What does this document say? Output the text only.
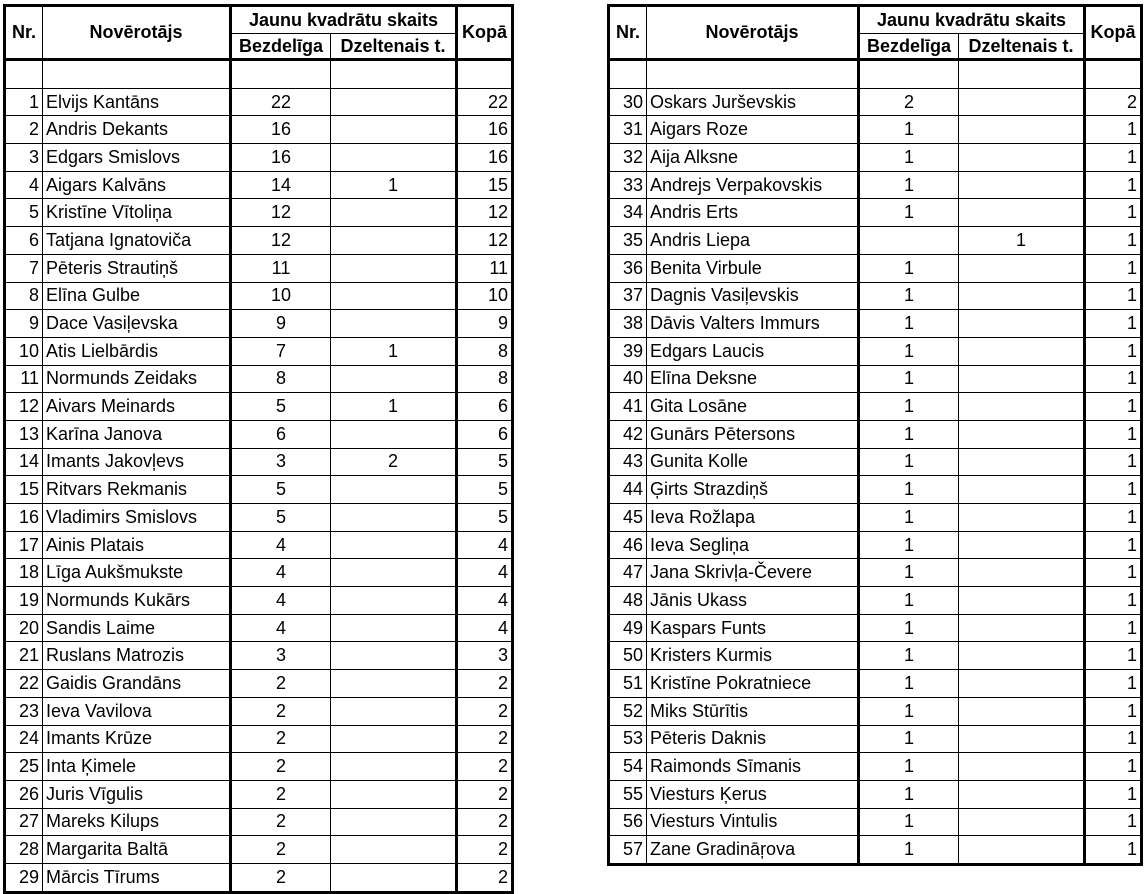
Nr.	Novērotājs	Jaunu kvadrātu skaits		Kopā
		Bezdelīga	Dzeltenais t.	

1	Elvijs Kantāns	22		22
2	Andris Dekants	16		16
3	Edgars Smislovs	16		16
4	Aigars Kalvāns	14	1	15
5	Kristīne Vītoliņa	12		12
6	Tatjana Ignatoviča	12		12
7	Pēteris Strautiņš	11		11
8	Elīna Gulbe	10		10
9	Dace Vasiļevska	9		9
10	Atis Lielbārdis	7	1	8
11	Normunds Zeidaks	8		8
12	Aivars Meinards	5	1	6
13	Karīna Janova	6		6
14	Imants Jakovļevs	3	2	5
15	Ritvars Rekmanis	5		5
16	Vladimirs Smislovs	5		5
17	Ainis Platais	4		4
18	Līga Aukšmukste	4		4
19	Normunds Kukārs	4		4
20	Sandis Laime	4		4
21	Ruslans Matrozis	3		3
22	Gaidis Grandāns	2		2
23	Ieva Vavilova	2		2
24	Imants Krūze	2		2
25	Inta Ķimele	2		2
26	Juris Vīgulis	2		2
27	Mareks Kilups	2		2
28	Margarita Baltā	2		2
29	Mārcis Tīrums	2		2
Nr.	Novērotājs	Jaunu kvadrātu skaits		Kopā
		Bezdelīga	Dzeltenais t.	

30	Oskars Jurševskis	2		2
31	Aigars Roze	1		1
32	Aija Alksne	1		1
33	Andrejs Verpakovskis	1		1
34	Andris Erts	1		1
35	Andris Liepa		1	1
36	Benita Virbule	1		1
37	Dagnis Vasiļevskis	1		1
38	Dāvis Valters Immurs	1		1
39	Edgars Laucis	1		1
40	Elīna Deksne	1		1
41	Gita Losāne	1		1
42	Gunārs Pētersons	1		1
43	Gunita Kolle	1		1
44	Ģirts Strazdiņš	1		1
45	Ieva Rožlapa	1		1
46	Ieva Segliņa	1		1
47	Jana Skrivļa-Čevere	1		1
48	Jānis Ukass	1		1
49	Kaspars Funts	1		1
50	Kristers Kurmis	1		1
51	Kristīne Pokratniece	1		1
52	Miks Stūrītis	1		1
53	Pēteris Daknis	1		1
54	Raimonds Sīmanis	1		1
55	Viesturs Ķerus	1		1
56	Viesturs Vintulis	1		1
57	Zane Gradināŗova	1		1
